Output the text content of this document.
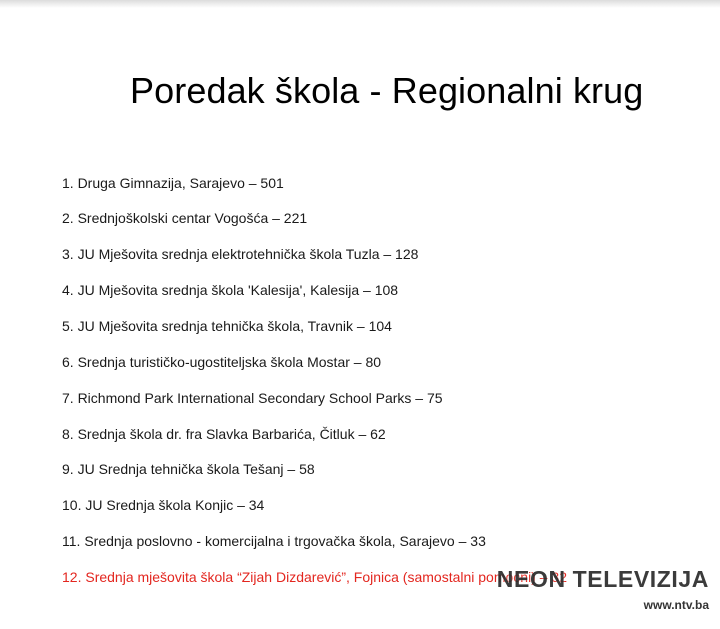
Poredak škola - Regionalni krug
1. Druga Gimnazija, Sarajevo – 501
2. Srednjoškolski centar Vogošća – 221
3. JU Mješovita srednja elektrotehnička škola Tuzla – 128
4. JU Mješovita srednja škola 'Kalesija', Kalesija – 108
5. JU Mješovita srednja tehnička škola, Travnik – 104
6. Srednja turističko-ugostiteljska škola Mostar – 80
7. Richmond Park International Secondary School Parks – 75
8. Srednja škola dr. fra Slavka Barbarića, Čitluk – 62
9. JU Srednja tehnička škola Tešanj – 58
10. JU Srednja škola Konjic – 34
11. Srednja poslovno - komercijalna i trgovačka škola, Sarajevo – 33
12. Srednja mješovita škola “Zijah Dizdarević”, Fojnica (samostalni pomoćni) – 32
NEON TELEVIZIJA
www.ntv.ba
